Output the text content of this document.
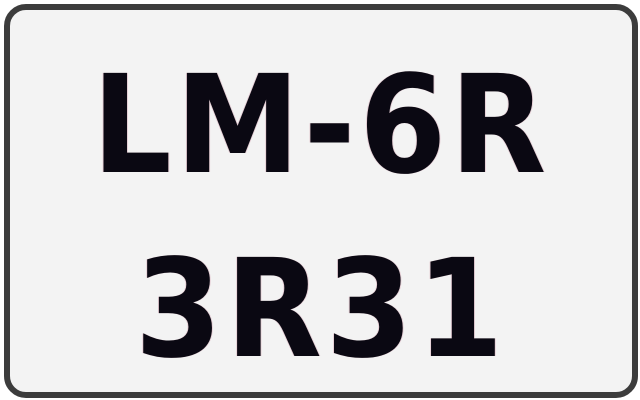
LM-6R
3R31
